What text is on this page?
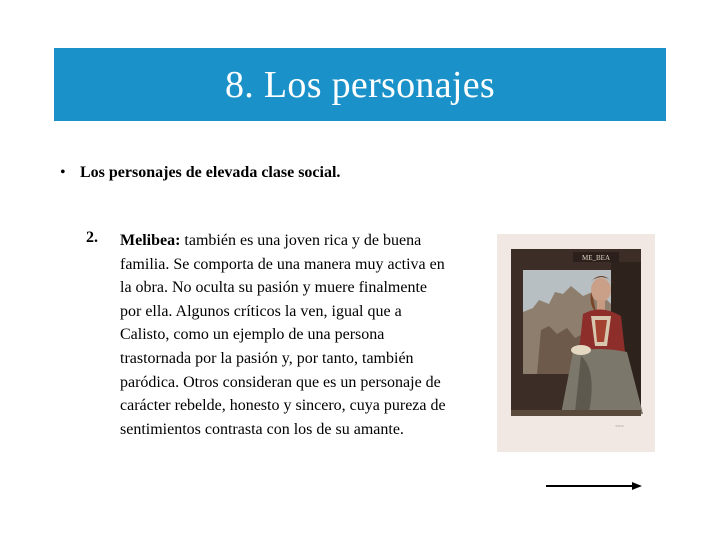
8. Los personajes
• Los personajes de elevada clase social.
2. Melibea: también es una joven rica y de buena familia. Se comporta de una manera muy activa en la obra. No oculta su pasión y muere finalmente por ella. Algunos críticos la ven, igual que a Calisto, como un ejemplo de una persona trastornada por la pasión y, por tanto, también paródica. Otros consideran que es un personaje de carácter rebelde, honesto y sincero, cuya pureza de sentimientos contrasta con los de su amante.
ME_BEA
~~~
